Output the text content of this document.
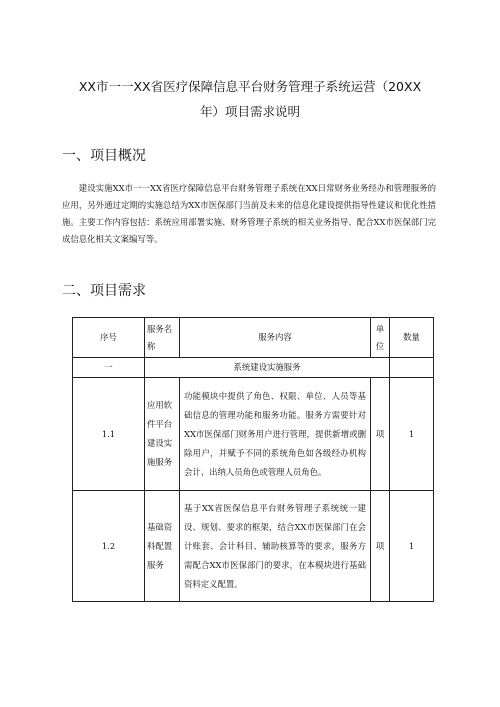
XX市一一XX省医疗保障信息平台财务管理子系统运营（20XX
年）项目需求说明
一、项目概况
建设实施XX市一一XX省医疗保障信息平台财务管理子系统在XX日常财务业务经办和管理服务的应用，另外通过定期的实施总结为XX市医保部门当前及未来的信息化建设提供指导性建议和优化性措施。主要工作内容包括：系统应用部署实施、财务管理子系统的相关业务指导、配合XX市医保部门完成信息化相关文案编写等。
二、项目需求
序号	服务名称	服务内容	单位	数量
一	系统建设实施服务			
1.1	应用软件平台建设实施服务	功能模块中提供了角色、权限、单位、人员等基础信息的管理功能和服务功能。服务方需要针对XX市医保部门财务用户进行管理，提供新增或删除用户，并赋予不同的系统角色如各级经办机构会计、出纳人员角色或管理人员角色。	项	1
1.2	基础资料配置服务	基于XX省医保信息平台财务管理子系统统一建设、规划、要求的框架，结合XX市医保部门在会计账套、会计科目、辅助核算等的要求，服务方需配合XX市医保部门的要求，在本模块进行基础资料定义配置。	项	1
